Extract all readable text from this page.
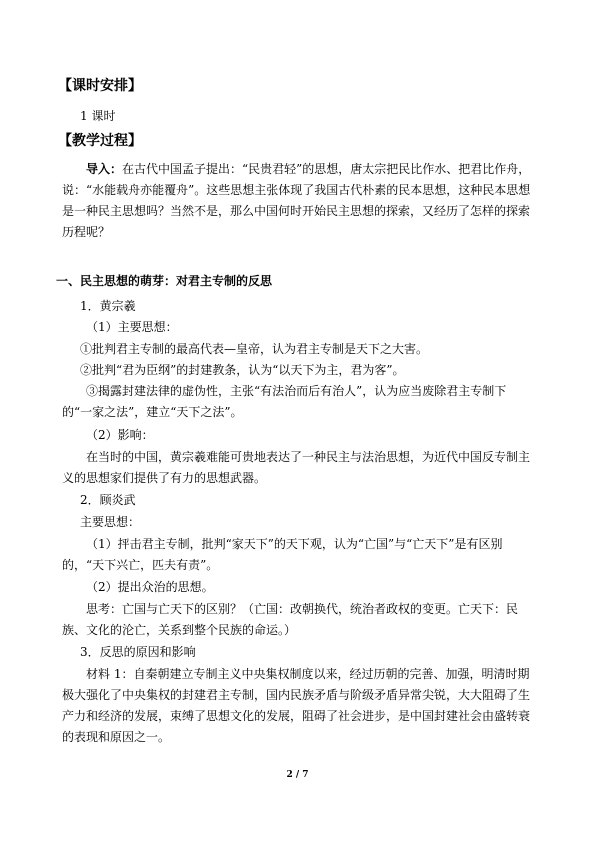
【课时安排】

1 课时

【教学过程】

导入：在古代中国孟子提出：“民贵君轻”的思想，唐太宗把民比作水、把君比作舟，说：“水能载舟亦能覆舟”。这些思想主张体现了我国古代朴素的民本思想，这种民本思想是一种民主思想吗？当然不是，那么中国何时开始民主思想的探索，又经历了怎样的探索历程呢？

一、民主思想的萌芽：对君主专制的反思

1．黄宗羲

（1）主要思想：

①批判君主专制的最高代表—皇帝，认为君主专制是天下之大害。

②批判“君为臣纲”的封建教条，认为“以天下为主，君为客”。

③揭露封建法律的虚伪性，主张“有法治而后有治人”，认为应当废除君主专制下的“一家之法”，建立“天下之法”。

（2）影响：

在当时的中国，黄宗羲难能可贵地表达了一种民主与法治思想，为近代中国反专制主义的思想家们提供了有力的思想武器。

2．顾炎武

主要思想：

（1）抨击君主专制，批判“家天下”的天下观，认为“亡国”与“亡天下”是有区别的，“天下兴亡，匹夫有责”。

（2）提出众治的思想。

思考：亡国与亡天下的区别？（亡国：改朝换代，统治者政权的变更。亡天下：民族、文化的沦亡，关系到整个民族的命运。）

3．反思的原因和影响

材料 1：自秦朝建立专制主义中央集权制度以来，经过历朝的完善、加强，明清时期极大强化了中央集权的封建君主专制，国内民族矛盾与阶级矛盾异常尖锐，大大阻碍了生产力和经济的发展，束缚了思想文化的发展，阻碍了社会进步，是中国封建社会由盛转衰的表现和原因之一。

2 / 7
